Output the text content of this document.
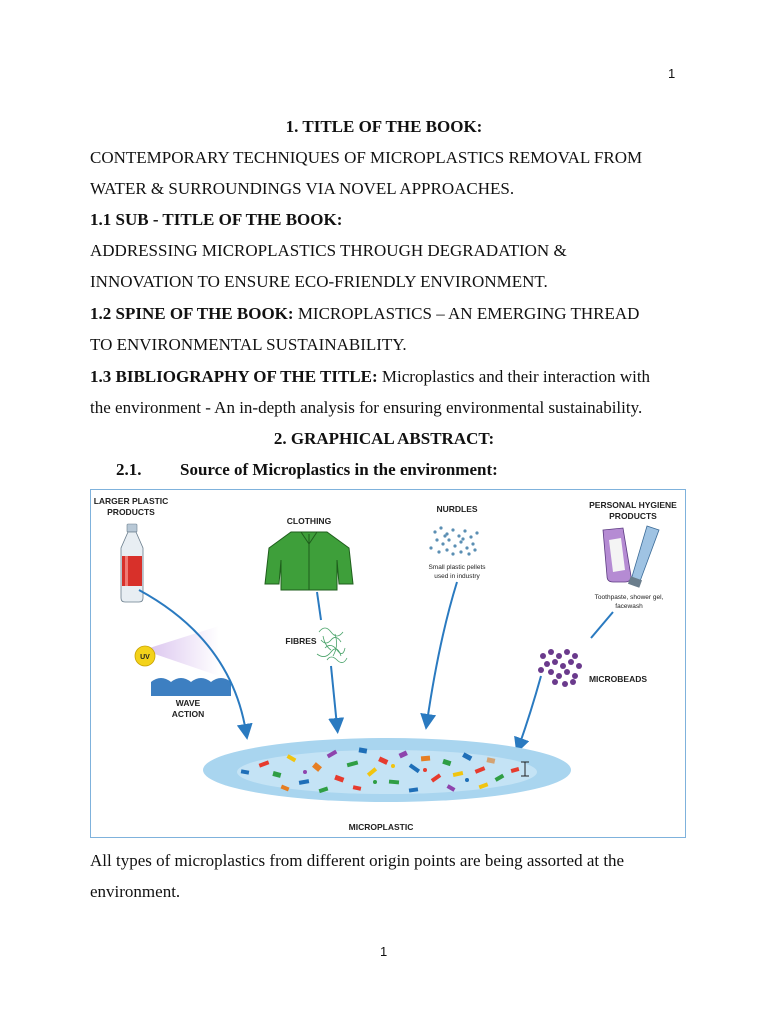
1
1. TITLE OF THE BOOK:
CONTEMPORARY TECHNIQUES OF MICROPLASTICS REMOVAL FROM
WATER & SURROUNDINGS VIA NOVEL APPROACHES.
1.1 SUB - TITLE OF THE BOOK:
ADDRESSING MICROPLASTICS THROUGH DEGRADATION &
INNOVATION TO ENSURE ECO-FRIENDLY ENVIRONMENT.
1.2 SPINE OF THE BOOK: MICROPLASTICS – AN EMERGING THREAD
TO ENVIRONMENTAL SUSTAINABILITY.
1.3 BIBLIOGRAPHY OF THE TITLE: Microplastics and their interaction with
the environment - An in-depth analysis for ensuring environmental sustainability.
2. GRAPHICAL ABSTRACT:
2.1. Source of Microplastics in the environment:
LARGER PLASTIC
PRODUCTS
CLOTHING
NURDLES	PERSONAL HYGIENE
PRODUCTS
Small plastic pellets
used in industry
Toothpaste, shower gel,
facewash
FIBRES
MICROBEADS
WAVE
ACTION
MICROPLASTIC
UV
All types of microplastics from different origin points are being assorted at the
environment.
1
